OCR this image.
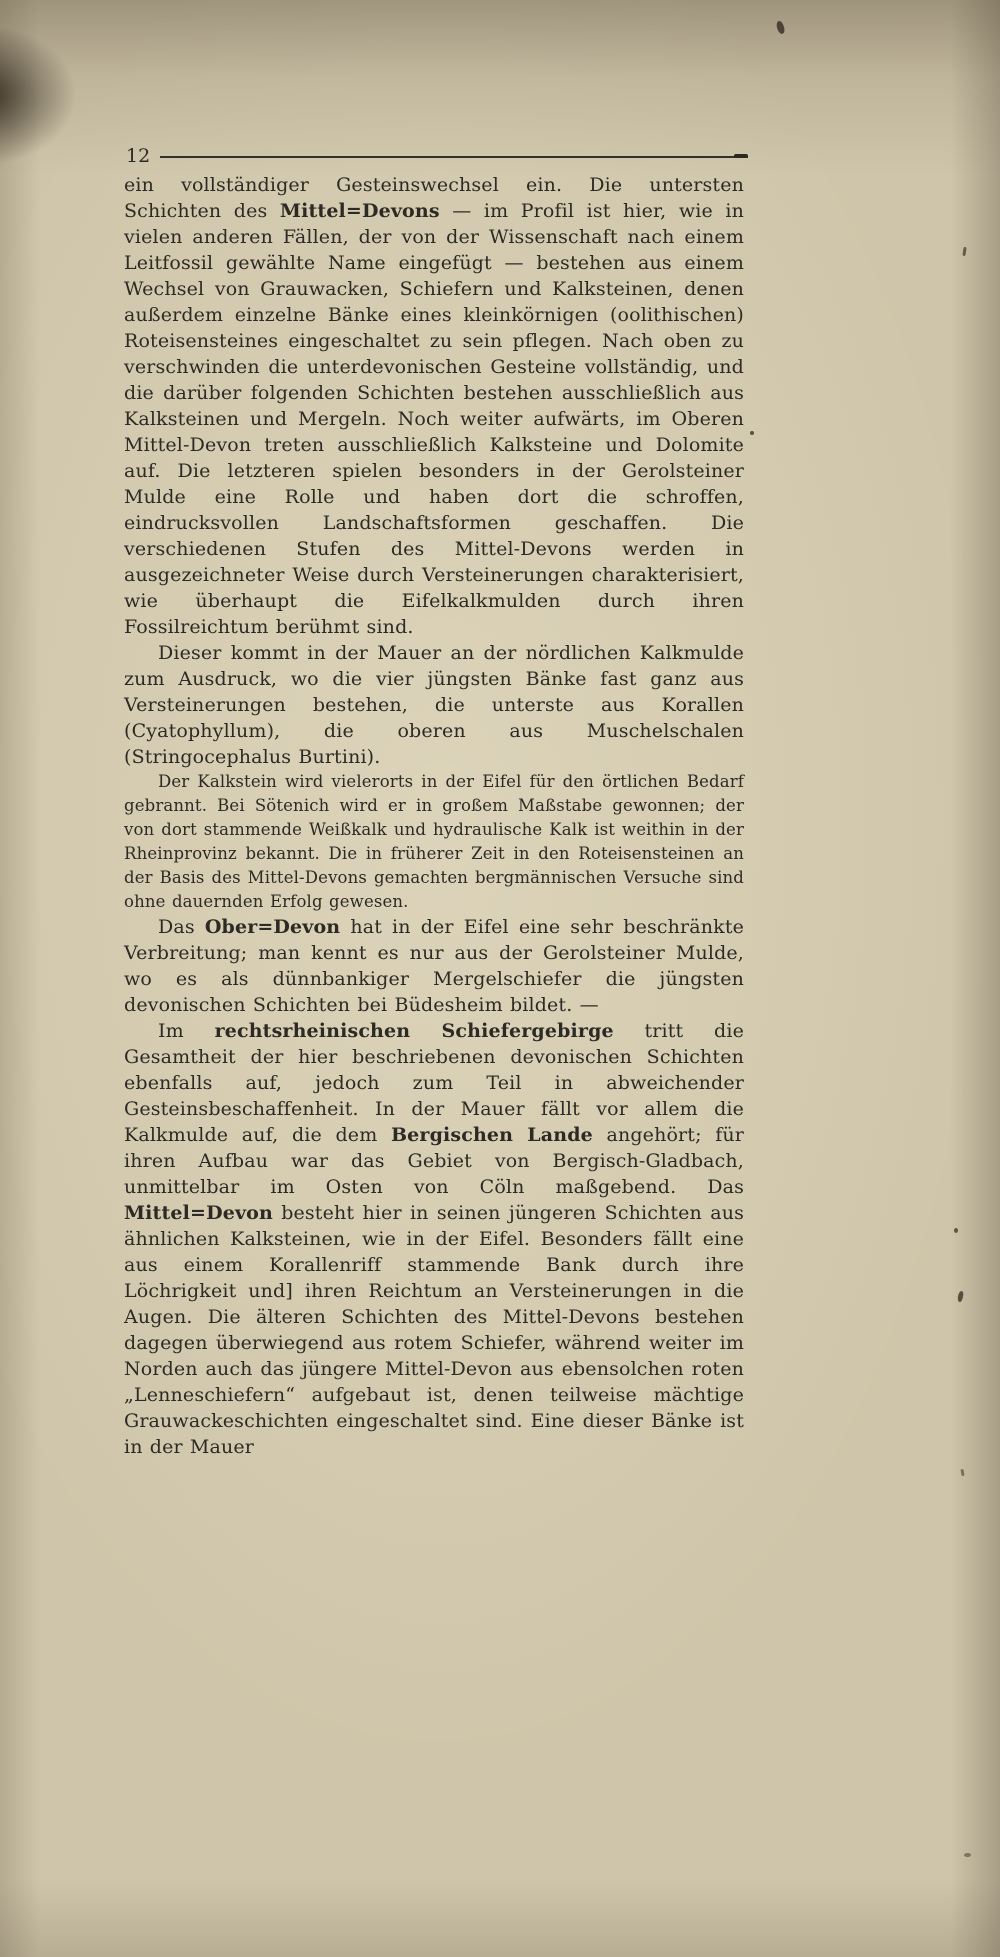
12

ein vollständiger Gesteinswechsel ein. Die untersten Schichten des Mittel=Devons — im Profil ist hier, wie in vielen anderen Fällen, der von der Wissenschaft nach einem Leitfossil gewählte Name eingefügt — bestehen aus einem Wechsel von Grauwacken, Schiefern und Kalksteinen, denen außerdem einzelne Bänke eines kleinkörnigen (oolithischen) Roteisensteines eingeschaltet zu sein pflegen. Nach oben zu verschwinden die unterdevonischen Gesteine vollständig, und die darüber folgenden Schichten bestehen ausschließlich aus Kalksteinen und Mergeln. Noch weiter aufwärts, im Oberen Mittel-Devon treten ausschließlich Kalksteine und Dolomite auf. Die letzteren spielen besonders in der Gerolsteiner Mulde eine Rolle und haben dort die schroffen, eindrucksvollen Landschaftsformen geschaffen. Die verschiedenen Stufen des Mittel-Devons werden in ausgezeichneter Weise durch Versteinerungen charakterisiert, wie überhaupt die Eifelkalkmulden durch ihren Fossilreichtum berühmt sind.

Dieser kommt in der Mauer an der nördlichen Kalkmulde zum Ausdruck, wo die vier jüngsten Bänke fast ganz aus Versteinerungen bestehen, die unterste aus Korallen (Cyatophyllum), die oberen aus Muschelschalen (Stringocephalus Burtini).

Der Kalkstein wird vielerorts in der Eifel für den örtlichen Bedarf gebrannt. Bei Sötenich wird er in großem Maßstabe gewonnen; der von dort stammende Weißkalk und hydraulische Kalk ist weithin in der Rheinprovinz bekannt. Die in früherer Zeit in den Roteisensteinen an der Basis des Mittel-Devons gemachten bergmännischen Versuche sind ohne dauernden Erfolg gewesen.

Das Ober=Devon hat in der Eifel eine sehr beschränkte Verbreitung; man kennt es nur aus der Gerolsteiner Mulde, wo es als dünnbankiger Mergelschiefer die jüngsten devonischen Schichten bei Büdesheim bildet. —

Im rechtsrheinischen Schiefergebirge tritt die Gesamtheit der hier beschriebenen devonischen Schichten ebenfalls auf, jedoch zum Teil in abweichender Gesteinsbeschaffenheit. In der Mauer fällt vor allem die Kalkmulde auf, die dem Bergischen Lande angehört; für ihren Aufbau war das Gebiet von Bergisch-Gladbach, unmittelbar im Osten von Cöln maßgebend. Das Mittel=Devon besteht hier in seinen jüngeren Schichten aus ähnlichen Kalksteinen, wie in der Eifel. Besonders fällt eine aus einem Korallenriff stammende Bank durch ihre Löchrigkeit und] ihren Reichtum an Versteinerungen in die Augen. Die älteren Schichten des Mittel-Devons bestehen dagegen überwiegend aus rotem Schiefer, während weiter im Norden auch das jüngere Mittel-Devon aus ebensolchen roten „Lenneschiefern“ aufgebaut ist, denen teilweise mächtige Grauwackeschichten eingeschaltet sind. Eine dieser Bänke ist in der Mauer
